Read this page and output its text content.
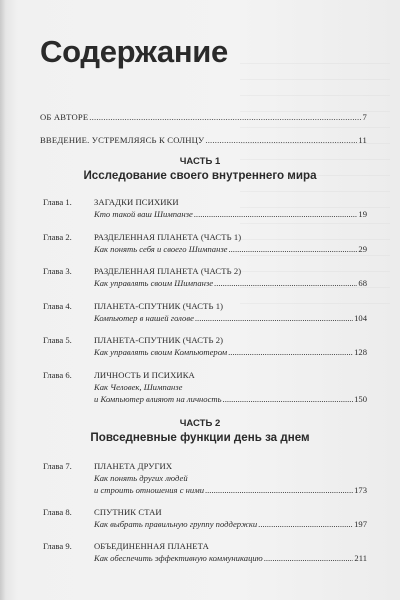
Содержание
ОБ АВТОРЕ .....	7
ВВЕДЕНИЕ. УСТРЕМЛЯЯСЬ К СОЛНЦУ .....	11
ЧАСТЬ 1
Исследование своего внутреннего мира
Глава 1.	ЗАГАДКИ ПСИХИКИ
Кто такой ваш Шимпанзе .....	19
Глава 2.	РАЗДЕЛЕННАЯ ПЛАНЕТА (ЧАСТЬ 1)
Как понять себя и своего Шимпанзе .....	29
Глава 3.	РАЗДЕЛЕННАЯ ПЛАНЕТА (ЧАСТЬ 2)
Как управлять своим Шимпанзе .....	68
Глава 4.	ПЛАНЕТА-СПУТНИК (ЧАСТЬ 1)
Компьютер в нашей голове .....	104
Глава 5.	ПЛАНЕТА-СПУТНИК (ЧАСТЬ 2)
Как управлять своим Компьютером .....	128
Глава 6.	ЛИЧНОСТЬ И ПСИХИКА
Как Человек, Шимпанзе
и Компьютер влияют на личность .....	150
ЧАСТЬ 2
Повседневные функции день за днем
Глава 7.	ПЛАНЕТА ДРУГИХ
Как понять других людей
и строить отношения с ними .....	173
Глава 8.	СПУТНИК СТАИ
Как выбрать правильную группу поддержки .....	197
Глава 9.	ОБЪЕДИНЕННАЯ ПЛАНЕТА
Как обеспечить эффективную коммуникацию .....	211
